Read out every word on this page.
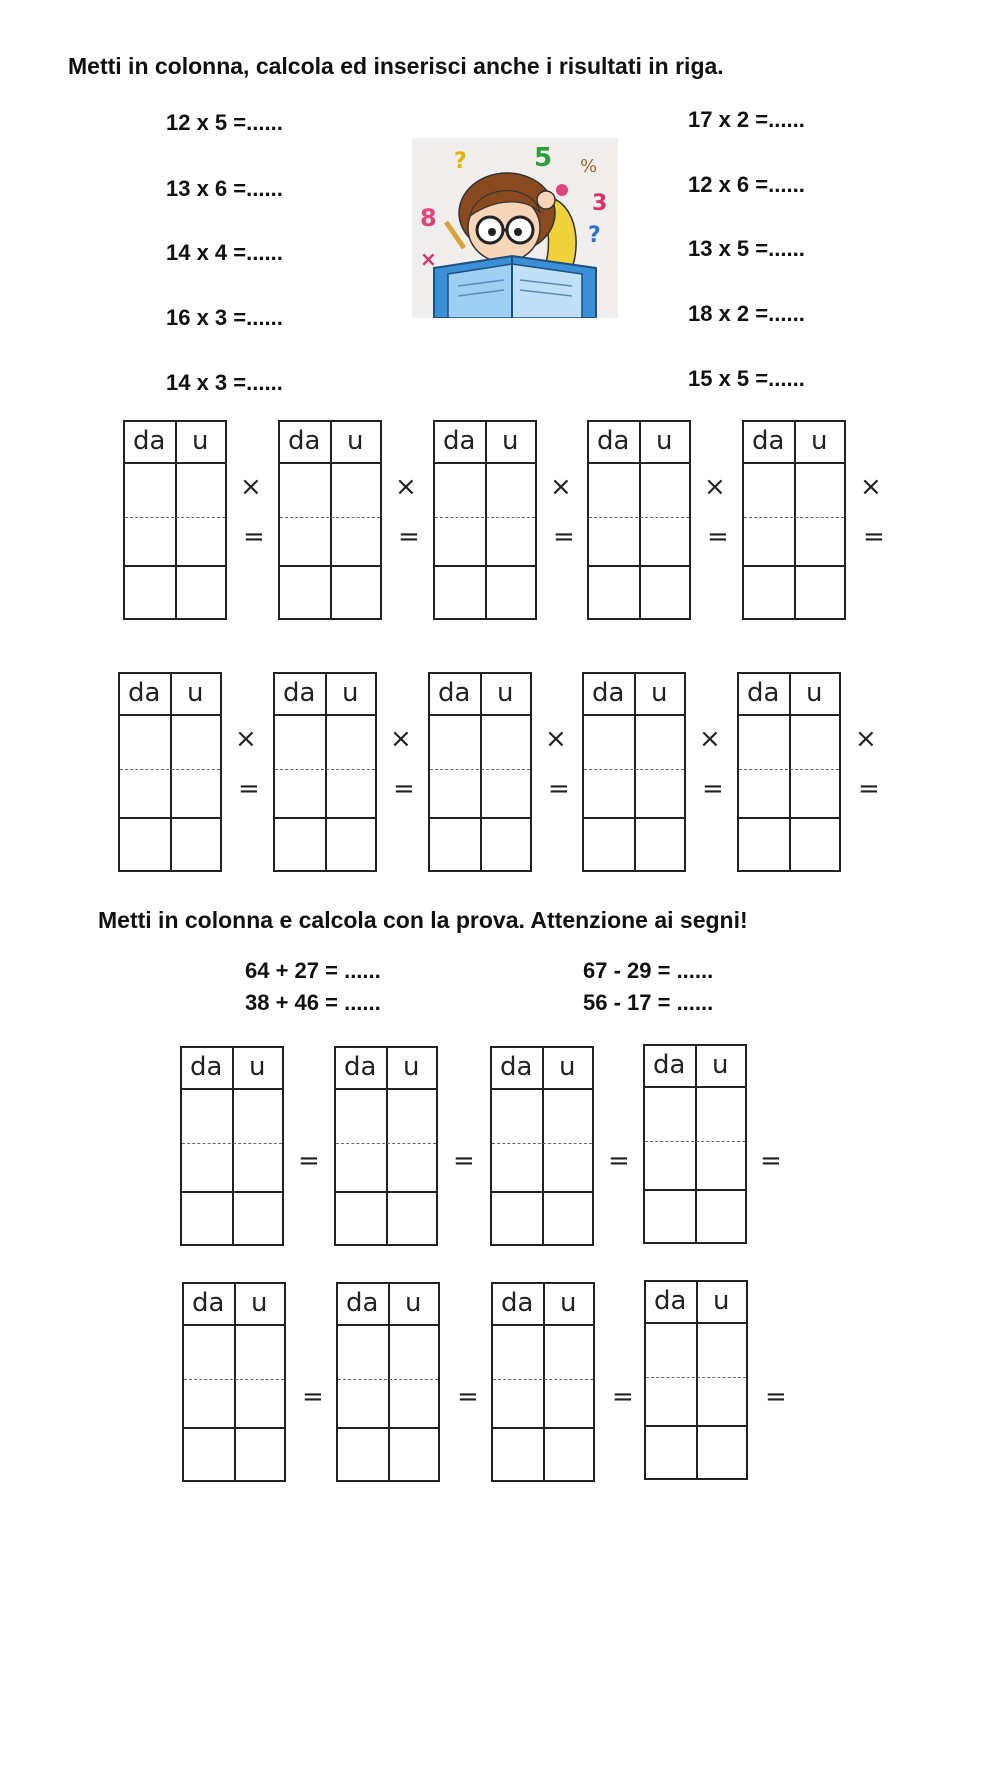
Metti in colonna, calcola ed inserisci anche i risultati in riga.
12 x 5 =......
13 x 6 =......
14 x 4 =......
16 x 3 =......
14 x 3 =......
17 x 2 =......
12 x 6 =......
13 x 5 =......
18 x 2 =......
15 x 5 =......
?	5 %
8
3
?
×
da u	da u	da u	da u	da u
×
=
×
=
×
=
×
=
×
=
da u	da u	da u	da u	da u
×
=
×
=
×
=
×
=
×
=
Metti in colonna e calcola con la prova. Attenzione ai segni!
64 + 27 = ......
38 + 46 = ......
67 - 29 = ......
56 - 17 = ......
da u	da u	da u	da u
=	=	=	=
da u	da u	da u	da u
=	=	=	=
